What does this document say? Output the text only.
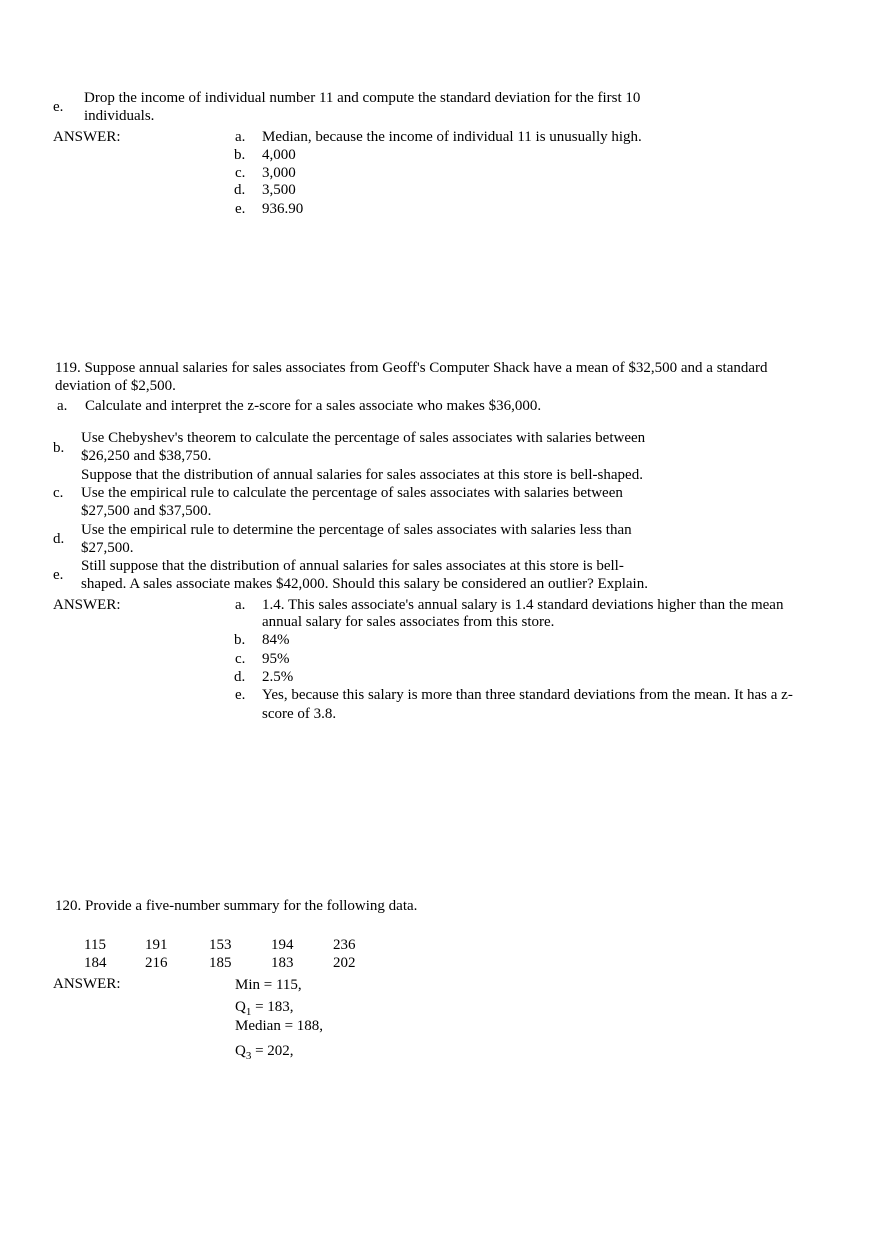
e.
Drop the income of individual number 11 and compute the standard deviation for the first 10
individuals.
ANSWER:	a. Median, because the income of individual 11 is unusually high.
b. 4,000
c. 3,000
d. 3,500
e. 936.90
119. Suppose annual salaries for sales associates from Geoff's Computer Shack have a mean of $32,500 and a standard
deviation of $2,500.
a. Calculate and interpret the z-score for a sales associate who makes $36,000.
b.
Use Chebyshev's theorem to calculate the percentage of sales associates with salaries between
$26,250 and $38,750.
Suppose that the distribution of annual salaries for sales associates at this store is bell-shaped.
c. Use the empirical rule to calculate the percentage of sales associates with salaries between
$27,500 and $37,500.
d.
Use the empirical rule to determine the percentage of sales associates with salaries less than
$27,500.
e.
Still suppose that the distribution of annual salaries for sales associates at this store is bell-
shaped. A sales associate makes $42,000. Should this salary be considered an outlier? Explain.
ANSWER:	a. 1.4. This sales associate's annual salary is 1.4 standard deviations higher than the mean
annual salary for sales associates from this store.
b. 84%
c. 95%
d. 2.5%
e. Yes, because this salary is more than three standard deviations from the mean. It has a z-
score of 3.8.
120. Provide a five-number summary for the following data.
115	191	153	194	236
184	216	185	183	202
ANSWER:	Min = 115,
$Q_1 = 183$,
Median = 188,
$Q_3 = 202$,
